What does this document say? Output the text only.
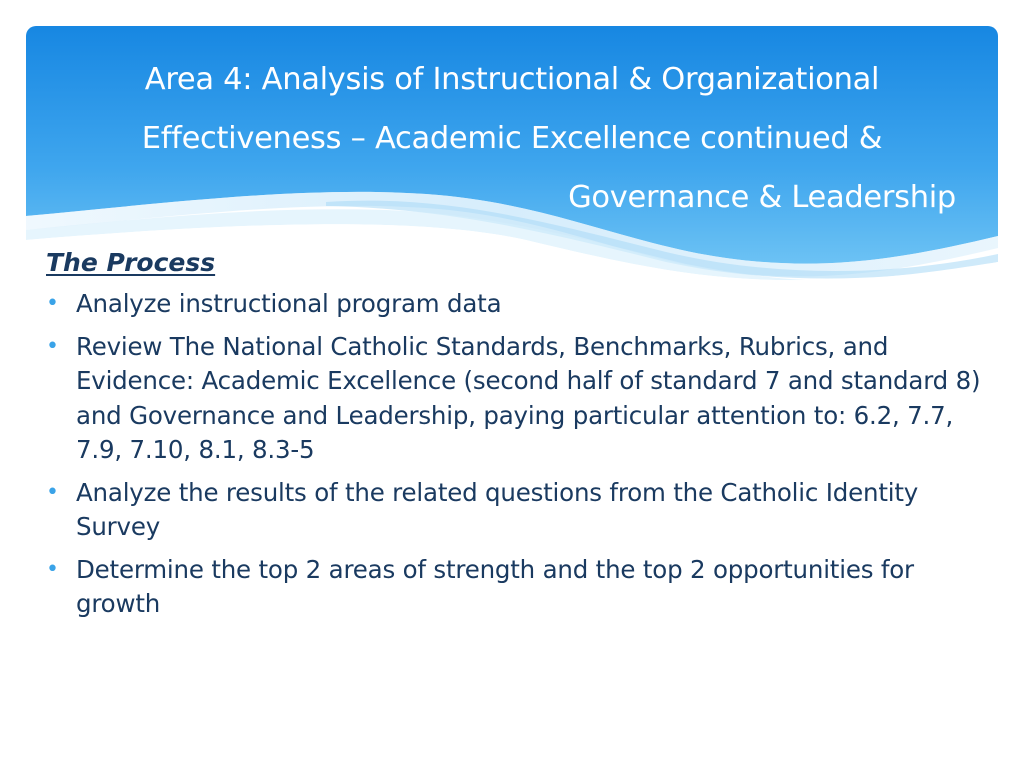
Area 4: Analysis of Instructional & Organizational
Effectiveness – Academic Excellence continued &
Governance & Leadership
The Process
• Analyze instructional program data
• Review The National Catholic Standards, Benchmarks, Rubrics, and Evidence: Academic Excellence (second half of standard 7 and standard 8) and Governance and Leadership, paying particular attention to: 6.2, 7.7, 7.9, 7.10, 8.1, 8.3-5
• Analyze the results of the related questions from the Catholic Identity Survey
• Determine the top 2 areas of strength and the top 2 opportunities for growth
